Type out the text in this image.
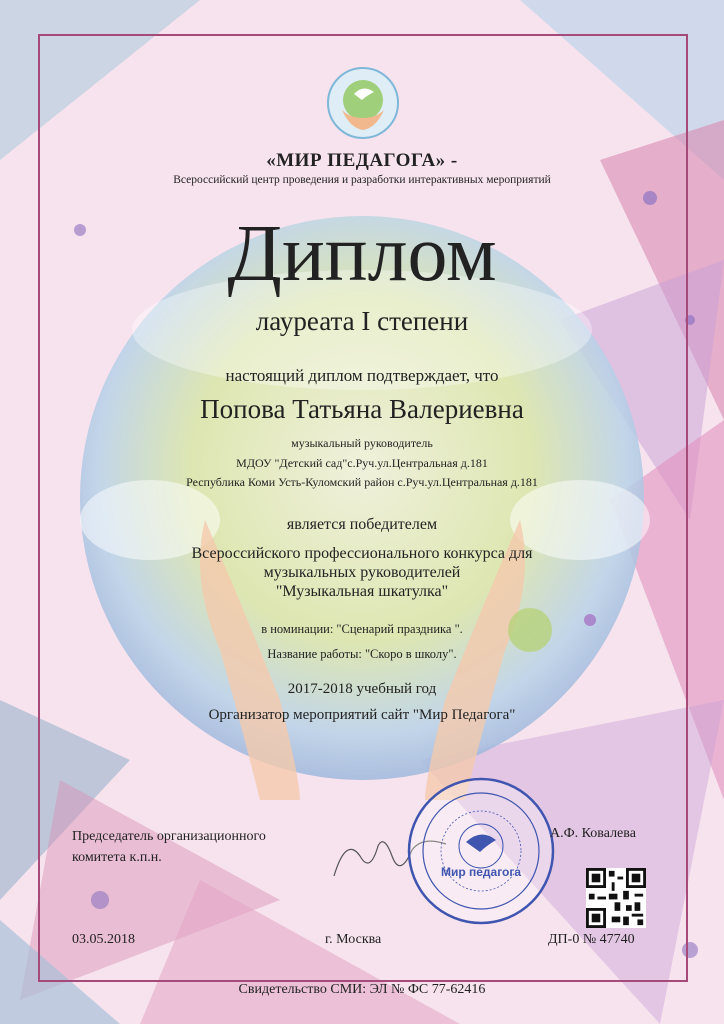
«МИР ПЕДАГОГА» -
Всероссийский центр проведения и разработки интерактивных мероприятий
Диплом
лауреата I степени
настоящий диплом подтверждает, что
Попова Татьяна Валериевна
музыкальный руководитель
МДОУ "Детский сад"с.Руч.ул.Центральная д.181
Республика Коми Усть-Куломский район с.Руч.ул.Центральная д.181
является победителем
Всероссийского профессионального конкурса для
музыкальных руководителей
"Музыкальная шкатулка"
в номинации: "Сценарий праздника ".
Название работы: "Скоро в школу".
2017-2018 учебный год
Организатор мероприятий сайт "Мир Педагога"
Председатель организационного
комитета к.п.н.
Мир педагога
А.Ф. Ковалева
03.05.2018	г. Москва	ДП-0 № 47740
Свидетельство СМИ: ЭЛ № ФС 77-62416
